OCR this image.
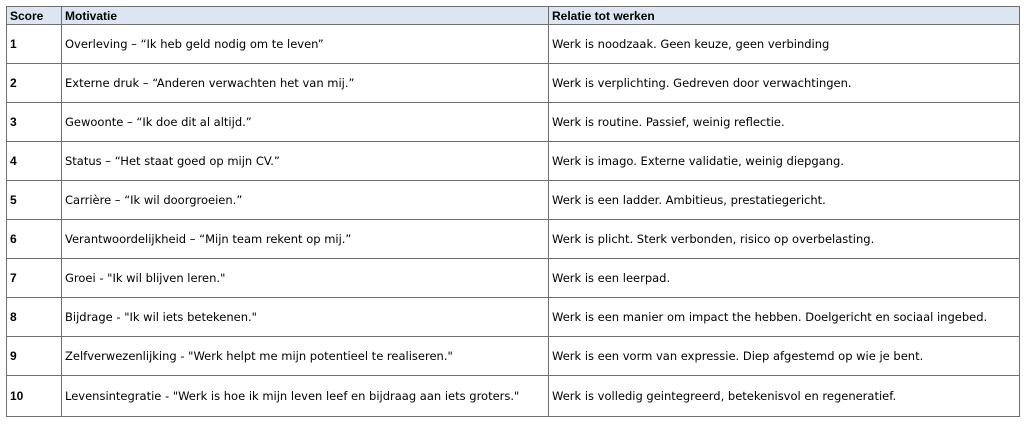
Score	Motivatie	Relatie tot werken
1	Overleving – “Ik heb geld nodig om te leven”	Werk is noodzaak. Geen keuze, geen verbinding
2	Externe druk – “Anderen verwachten het van mij.”	Werk is verplichting. Gedreven door verwachtingen.
3	Gewoonte – “Ik doe dit al altijd.”	Werk is routine. Passief, weinig reflectie.
4	Status – “Het staat goed op mijn CV.”	Werk is imago. Externe validatie, weinig diepgang.
5	Carrière – “Ik wil doorgroeien.”	Werk is een ladder. Ambitieus, prestatiegericht.
6	Verantwoordelijkheid – “Mijn team rekent op mij.”	Werk is plicht. Sterk verbonden, risico op overbelasting.
7	Groei - "Ik wil blijven leren."	Werk is een leerpad.
8	Bijdrage - "Ik wil iets betekenen."	Werk is een manier om impact the hebben. Doelgericht en sociaal ingebed.
9	Zelfverwezenlijking - "Werk helpt me mijn potentieel te realiseren."	Werk is een vorm van expressie. Diep afgestemd op wie je bent.
10	Levensintegratie - "Werk is hoe ik mijn leven leef en bijdraag aan iets groters."	Werk is volledig geintegreerd, betekenisvol en regeneratief.
